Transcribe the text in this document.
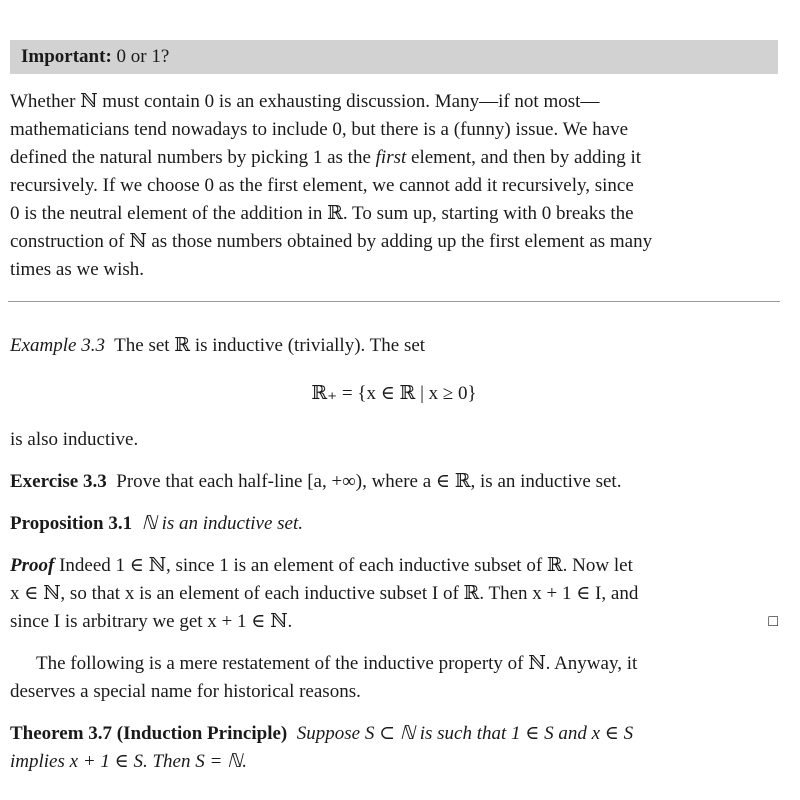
Important: 0 or 1?
Whether ℕ must contain 0 is an exhausting discussion. Many—if not most—
mathematicians tend nowadays to include 0, but there is a (funny) issue. We have
defined the natural numbers by picking 1 as the first element, and then by adding it
recursively. If we choose 0 as the first element, we cannot add it recursively, since
0 is the neutral element of the addition in ℝ. To sum up, starting with 0 breaks the
construction of ℕ as those numbers obtained by adding up the first element as many
times as we wish.
Example 3.3 The set ℝ is inductive (trivially). The set
ℝ₊ = {x ∈ ℝ | x ≥ 0}
is also inductive.
Exercise 3.3 Prove that each half-line [a, +∞), where a ∈ ℝ, is an inductive set.
Proposition 3.1 ℕ is an inductive set.
Proof Indeed 1 ∈ ℕ, since 1 is an element of each inductive subset of ℝ. Now let
x ∈ ℕ, so that x is an element of each inductive subset I of ℝ. Then x + 1 ∈ I, and
since I is arbitrary we get x + 1 ∈ ℕ.	□
The following is a mere restatement of the inductive property of ℕ. Anyway, it
deserves a special name for historical reasons.
Theorem 3.7 (Induction Principle) Suppose S ⊂ ℕ is such that 1 ∈ S and x ∈ S
implies x + 1 ∈ S. Then S = ℕ.
